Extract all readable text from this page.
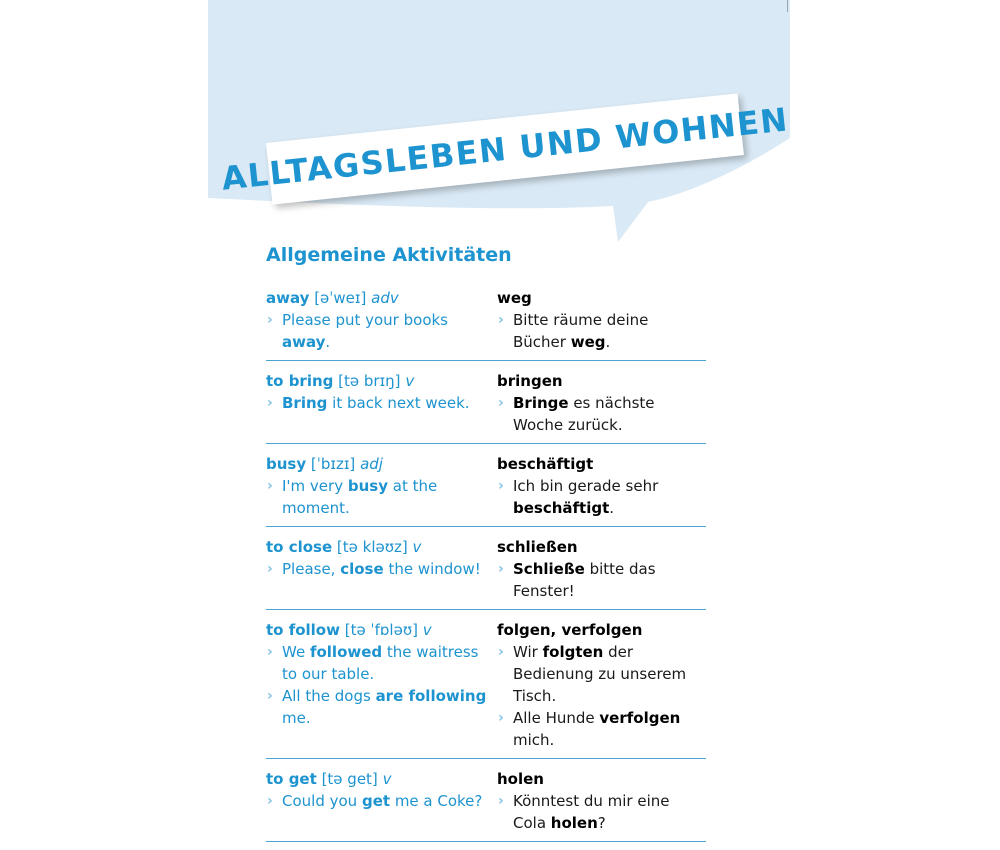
ALLTAGSLEBEN UND WOHNEN
Allgemeine Aktivitäten
away [əˈweɪ] adv
› Please put your books away.
weg
› Bitte räume deine Bücher weg.
to bring [tə brɪŋ] v
› Bring it back next week.
bringen
› Bringe es nächste Woche zurück.
busy [ˈbɪzɪ] adj
› I'm very busy at the moment.
beschäftigt
› Ich bin gerade sehr beschäftigt.
to close [tə kləʊz] v
› Please, close the window!
schließen
› Schließe bitte das Fenster!
to follow [tə ˈfɒləʊ] v
› We followed the waitress to our table.
› All the dogs are following me.
folgen, verfolgen
› Wir folgten der Bedienung zu unserem Tisch.
› Alle Hunde verfolgen mich.
to get [tə get] v
› Could you get me a Coke?
holen
› Könntest du mir eine Cola holen?
